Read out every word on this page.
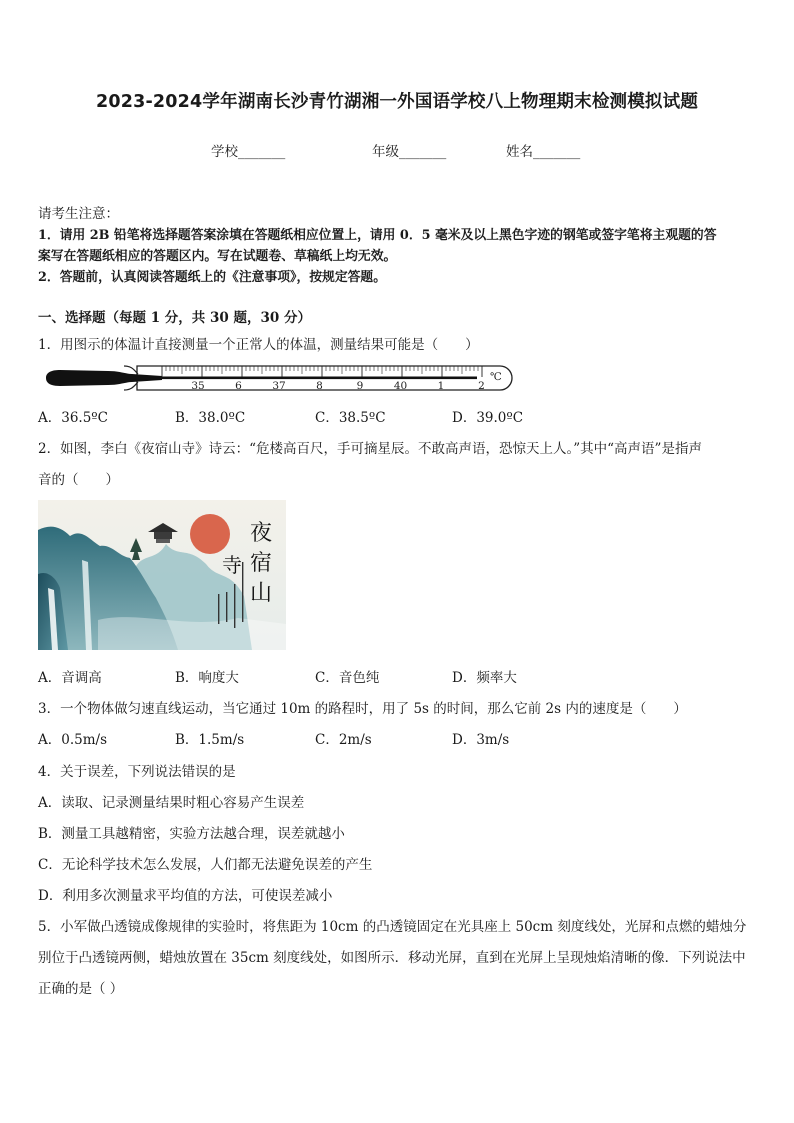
2023-2024学年湖南长沙青竹湖湘一外国语学校八上物理期末检测模拟试题
学校_______	年级_______	姓名_______
请考生注意：
1．请用 2B 铅笔将选择题答案涂填在答题纸相应位置上，请用 0．5 毫米及以上黑色字迹的钢笔或签字笔将主观题的答
案写在答题纸相应的答题区内。写在试题卷、草稿纸上均无效。
2．答题前，认真阅读答题纸上的《注意事项》，按规定答题。
一、选择题（每题 1 分，共 30 题，30 分）
1．用图示的体温计直接测量一个正常人的体温，测量结果可能是（　　）
35	6	37	8	9	40	1	2
℃
A．36.5ºC	B．38.0ºC	C．38.5ºC	D．39.0ºC
2．如图，李白《夜宿山寺》诗云：“危楼高百尺，手可摘星辰。不敢高声语，恐惊天上人。”其中“高声语”是指声
音的（　　）
夜
宿
山
寺
A．音调高	B．响度大	C．音色纯	D．频率大
3．一个物体做匀速直线运动，当它通过 10m 的路程时，用了 5s 的时间，那么它前 2s 内的速度是（　　）
A．0.5m/s	B．1.5m/s	C．2m/s	D．3m/s
4．关于误差，下列说法错误的是
A．读取、记录测量结果时粗心容易产生误差
B．测量工具越精密，实验方法越合理，误差就越小
C．无论科学技术怎么发展，人们都无法避免误差的产生
D．利用多次测量求平均值的方法，可使误差减小
5．小军做凸透镜成像规律的实验时，将焦距为 10cm 的凸透镜固定在光具座上 50cm 刻度线处，光屏和点燃的蜡烛分
别位于凸透镜两侧，蜡烛放置在 35cm 刻度线处，如图所示．移动光屏，直到在光屏上呈现烛焰清晰的像．下列说法中
正确的是（ ）
